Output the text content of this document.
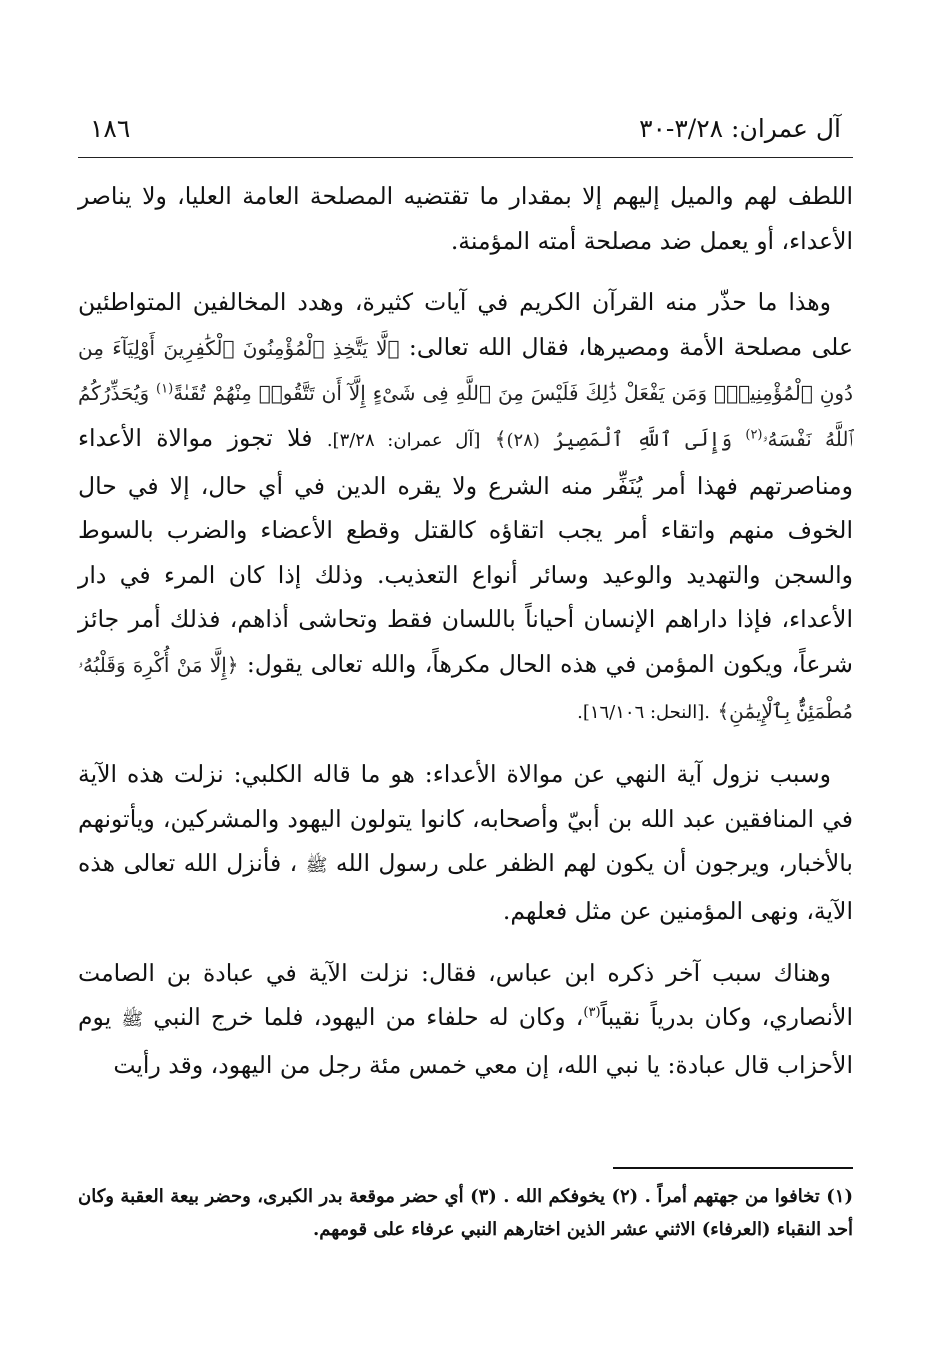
آل عمران: ٣/٢٨-٣٠
١٨٦

اللطف لهم والميل إليهم إلا بمقدار ما تقتضيه المصلحة العامة العليا، ولا يناصر الأعداء، أو يعمل ضد مصلحة أمته المؤمنة.

وهذا ما حذّر منه القرآن الكريم في آيات كثيرة، وهدد المخالفين المتواطئين على مصلحة الأمة ومصيرها، فقال الله تعالى: ﴿لَّا يَتَّخِذِ ٱلْمُؤْمِنُونَ ٱلْكَٰفِرِينَ أَوْلِيَآءَ مِن دُونِ ٱلْمُؤْمِنِينَۖ وَمَن يَفْعَلْ ذَٰلِكَ فَلَيْسَ مِنَ ٱللَّهِ فِى شَىْءٍ إِلَّآ أَن تَتَّقُوا۟ مِنْهُمْ تُقَىٰةً$^{(١)}$ وَيُحَذِّرُكُمُ ٱللَّهُ نَفْسَهُۥ$^{(٢)}$ وَإِلَى ٱللَّهِ ٱلْمَصِيرُ (٢٨)﴾ [آل عمران: ٣/٢٨]. فلا تجوز موالاة الأعداء ومناصرتهم فهذا أمر يُنَفِّر منه الشرع ولا يقره الدين في أي حال، إلا في حال الخوف منهم واتقاء أمر يجب اتقاؤه كالقتل وقطع الأعضاء والضرب بالسوط والسجن والتهديد والوعيد وسائر أنواع التعذيب. وذلك إذا كان المرء في دار الأعداء، فإذا داراهم الإنسان أحياناً باللسان فقط وتحاشى أذاهم، فذلك أمر جائز شرعاً، ويكون المؤمن في هذه الحال مكرهاً، والله تعالى يقول: ﴿إِلَّا مَنْ أُكْرِهَ وَقَلْبُهُۥ مُطْمَئِنٌّۢ بِٱلْإِيمَٰنِ﴾ .[النحل: ١٦/١٠٦].

وسبب نزول آية النهي عن موالاة الأعداء: هو ما قاله الكلبي: نزلت هذه الآية في المنافقين عبد الله بن أبيّ وأصحابه، كانوا يتولون اليهود والمشركين، ويأتونهم بالأخبار، ويرجون أن يكون لهم الظفر على رسول الله ﷺ ، فأنزل الله تعالى هذه الآية، ونهى المؤمنين عن مثل فعلهم.

وهناك سبب آخر ذكره ابن عباس، فقال: نزلت الآية في عبادة بن الصامت الأنصاري، وكان بدرياً نقيباً$^{(٣)}$، وكان له حلفاء من اليهود، فلما خرج النبي ﷺ يوم الأحزاب قال عبادة: يا نبي الله، إن معي خمس مئة رجل من اليهود، وقد رأيت

(١) تخافوا من جهتهم أمراً . (٢) يخوفكم الله . (٣) أي حضر موقعة بدر الكبرى، وحضر بيعة العقبة وكان أحد النقباء (العرفاء) الاثني عشر الذين اختارهم النبي عرفاء على قومهم.
